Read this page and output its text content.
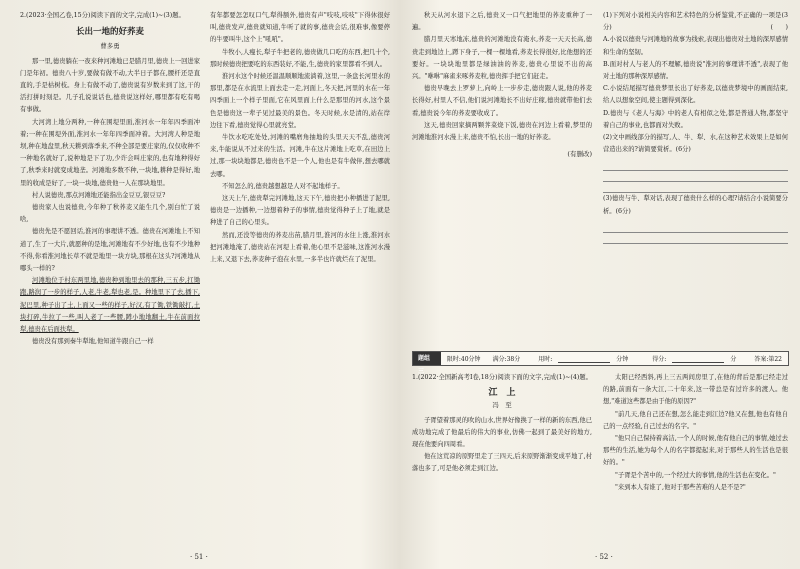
2.(2023·全国乙卷,15分)阅读下面的文字,完成(1)~(3)题。

长出一地的好荞麦
曹多勇

那一里,德贵躺在一夜来种河滩地已是腊月里,德贵上一回进家门是年初。德贵八十岁,要做有做不动,大半日子都在,腰杆还是直直的,手是枯树枝。身上有做不动了,德贵说有岁数来到了这,干的活打拼时刻是。几子孔说说话也,德贵说这样好,哪里都有吃有喝有事做。

大河湾上地分两种,一种在围堤里面,淮河水一年年四季面冲着;一种在围堤外面,淮河水一年年四季面冲着。大河湾人种是地坝,种在地盘里,秋天耕到落季来,不种全部是要庄家的,仅仅收种不一种地名就好了,说种地是下了功,少许会叫庄家的,也有地种得好了,秋季来时就变成地垄。河滩地多数不种,一块地,耕种是得好,地里的收成是好了,一块一块地,德贵他一人在那块地里。

村人说德贵,那点河滩地还能指出金豆豆,银豆豆?

德贵家人也说德贵,今年种了秋荞麦又能生几个,别白忙了说啥,

德贵先是不愿回话,淮河的事理讲不透。德贵在河滩地上不知道了,生了一大片,就愿种的是地,河滩地有不少好地,也有不少地种不得,你看淮河地长草不就是地里一块方块,那根在这头?河滩地从哪头一样的?

河滩地位于村东两里地,德贵种到地里去的那种,三五步,扛锄跑,路润了一步的样子,人老,牛老,犁也老,是。种地里下了去,播下,泥巴里,种子出了土,上面又一些的样子,好汉,有了锄,铁锄敲打,土块打碎,牛拉了一些,叫人老了一些腰,蹲小地地翻土,牛在前面拉犁,德贵在后面扶犁。

德贵没有那到秦牛犁地,他知道牛跟自己一样

有年都要怎怎叹口气,犁得额外,德贵有声"吱吱,吱吱"下得休很好叫,德贵发声,德贵就知道,牛听了就的事,德贵会话,很难事,像要停的牛要叫牛,这个上"吼吼"。

牛牧小,人瘦长,犁子牛把老的,德贵做几口吃的东西,把几十个,那时候德贵把要吃的东西装好,不能,生,德贵的家里都看不到人。

淮河水这个时候还温温顺顺地流淌着,这里,一条盘长河里水的那里,都是在水流里上面去走一走,河面上,冬天把,河里的水在一年四季面上一个样子里面,它在风里面上什么是那里的河水,这个景色是德贵这一辈子见过最美的景色。冬天时候,水是清的,站在岸边往下看,德贵觉得心里就亮堂。

牛饮水吃吃处处,河滩的嘴磨角抽地的头里天天不乱,德贵河来,牛能说从不过来的生活。河滩,牛在这片滩地上吃草,在田边上过,那一块块地都是,德贵也不是一个人,他也是有牛做伴,想去哪就去哪。

不知怎么的,德贵越想越是人对不起地样子。

这天上午,德贵犁完河滩地,这天下午,德贵把小种播进了泥里,德贵是一边播种,一边想着种子的事情,德贵觉得种子上了地,就是种进了自己的心里头。

然而,还没等德贵的荞麦出苗,腊月里,淮河的水往上涨,淮河水把河滩地淹了,德贵站在河堤上看着,他心里不是滋味,这淮河水漫上来,又退下去,荞麦种子泡在水里,一多半也许就烂在了泥里。

· 51 ·

秋天从河水退下之后,德贵又一口气把地里的荞麦重种了一遍。

腊月里天寒地冻,德贵的河滩地没有淹水,荞麦一天天长高,德贵走到地边上,蹲下身子,一棵一棵地看,荞麦长得很好,比他想的还要好。一块块地里都是绿油油的荞麦,德贵心里说不出的高兴。"咻咻"麻雀来啄荞麦粒,德贵挥手把它们赶走。

德贵早晚去上罗萝上,向岭上一步步走,德贵跟人说,他的荞麦长得好,村里人不信,他们说河滩地长不出好庄稼,德贵就带他们去看,德贵说今年的荞麦要收成了。

这天,德贵回家摘两颗荠菜烧下饭,德贵在河边上看着,梦里的河滩地淮河水漫上来,德贵不怕,长出一地的好荞麦。

(有删改)

(1)下列对小说相关内容和艺术特色的分析鉴赏,不正确的一项是(3分)	(　　)

A.小说以德贵与河滩地的故事为线索,表现出德贵对土地的深厚感情和生命的坚韧。

B.面对村人与老人的不理解,德贵说"淮河的事理讲不透",表现了他对土地的那种深厚感情。

C.小说结尾描写德贵梦里长出了好荞麦,以德贵梦境中的画面结束,给人以想象空间,使主题得到深化。

D.德贵与《老人与海》中的老人有相似之处,都是普通人物,都坚守着自己的事业,也都面对失败。

(2)文中画线部分的描写,人、牛、犁、水,在这种艺术效果上是如何营造出来的?请简要赏析。(6分)

(3)德贵与牛、犁对话,表现了德贵什么样的心理?请结合小说简要分析。(6分)

题组三
限时:40分钟	满分:38分	用时:	分钟	得分:	分	答案:第22

1.(2022·全国新高考Ⅰ卷,18分)阅读下面的文字,完成(1)~(4)题。

江　上
冯　至

子胥望着那灵的吹的山水,世界好像换了一样的新的东西,他已成功地完成了他最后的伟大的事业,仿佛一起到了最美好的地方,现在他要向四周看。

他在这荒凉的原野里走了三四天,后来原野渐渐变成平地了,村落也多了,可是他必须走到江边。

太阳已经西斜,再上三五两间房里了,在他的背后是那已经走过的路,前面有一条大江,二十年来,这一带总是有过许多的渡人。他想,"难道这些都是由于他的原因?"

"前几天,他自己还在想,怎么能走到江边?他又在想,他也有他自己的一点经验,自己过去的名字。"

"他只自己保持着高洁,一个人的时候,他有他自己的事情,她过去那些的生活,她为每个人的名字都提起来,对于那些人的生活也是很好的。"

"子胥是个苦中的,一个经过大的事情,他的生活也在变化。"

"来到本人有谁了,他对于那些苦难的人是不是?"

· 52 ·
